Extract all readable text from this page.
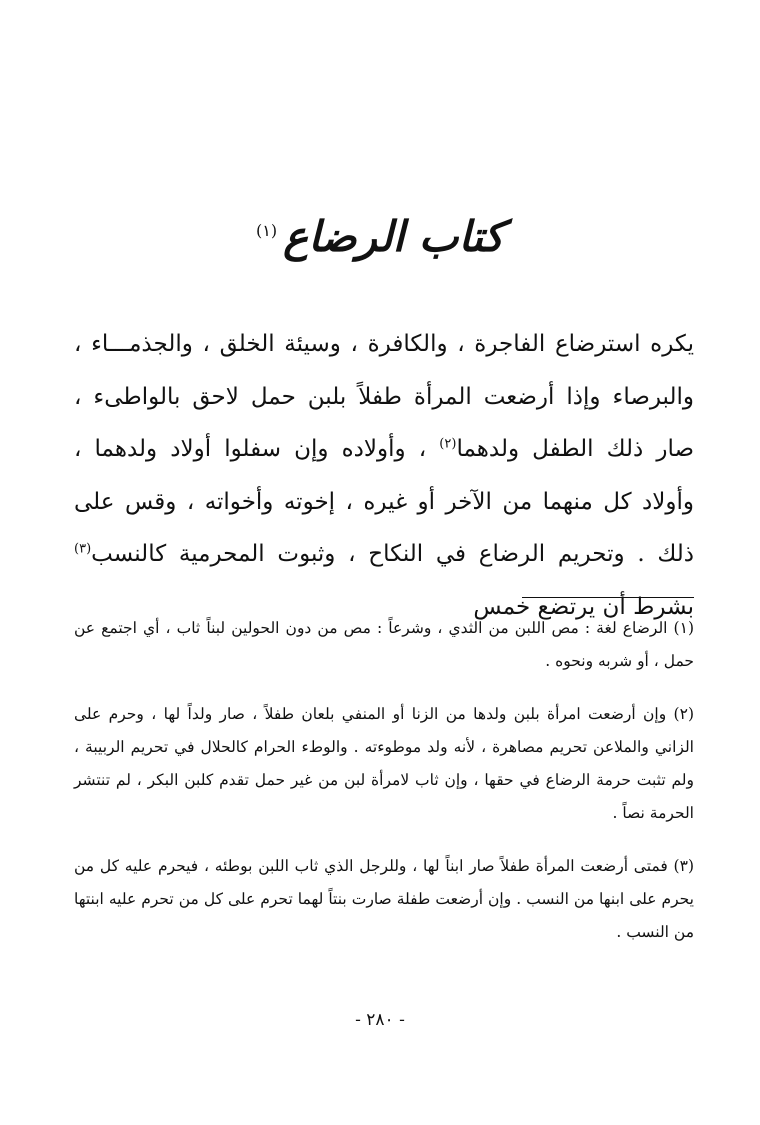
كتاب الرضاع$^{(١)}$
يكره استرضاع الفاجرة ، والكافرة ، وسيئة الخلق ، والجذمـــاء ، والبرصاء وإذا أرضعت المرأة طفلاً بلبن حمل لاحق بالواطىء ، صار ذلك الطفل ولدهما$^{(٢)}$ ، وأولاده وإن سفلوا أولاد ولدهما ، وأولاد كل منهما من الآخر أو غيره ، إخوته وأخواته ، وقس على ذلك . وتحريم الرضاع في النكاح ، وثبوت المحرمية كالنسب$^{(٣)}$ بشرط أن يرتضع خمس

(١) الرضاع لغة : مص اللبن من الثدي ، وشرعاً : مص من دون الحولين لبناً ثاب ، أي اجتمع عن حمل ، أو شربه ونحوه .

(٢) وإن أرضعت امرأة بلبن ولدها من الزنا أو المنفي بلعان طفلاً ، صار ولداً لها ، وحرم على الزاني والملاعن تحريم مصاهرة ، لأنه ولد موطوءته . والوطء الحرام كالحلال في تحريم الربيبة ، ولم تثبت حرمة الرضاع في حقها ، وإن ثاب لامرأة لبن من غير حمل تقدم كلبن البكر ، لم تنتشر الحرمة نصاً .

(٣) فمتى أرضعت المرأة طفلاً صار ابناً لها ، وللرجل الذي ثاب اللبن بوطئه ، فيحرم عليه كل من يحرم على ابنها من النسب . وإن أرضعت طفلة صارت بنتاً لهما تحرم على كل من تحرم عليه ابنتها من النسب .

- ٢٨٠ -
